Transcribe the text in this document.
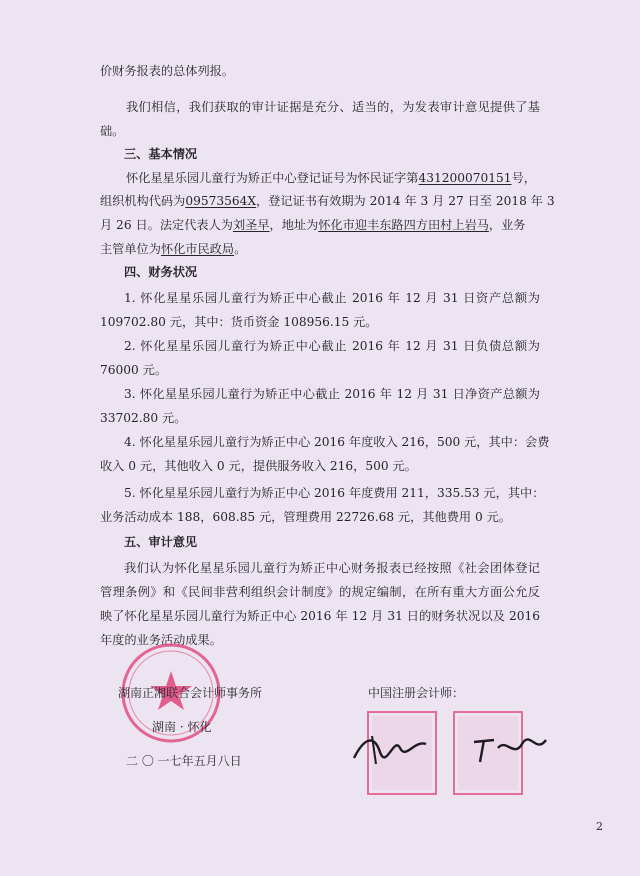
价财务报表的总体列报。
我们相信，我们获取的审计证据是充分、适当的，为发表审计意见提供了基
础。
三、基本情况
怀化星星乐园儿童行为矫正中心登记证号为怀民证字第431200070151号，
组织机构代码为09573564X，登记证书有效期为 2014 年 3 月 27 日至 2018 年 3
月 26 日。法定代表人为刘圣早，地址为怀化市迎丰东路四方田村上岩马，业务
主管单位为怀化市民政局。
四、财务状况
1. 怀化星星乐园儿童行为矫正中心截止 2016 年 12 月 31 日资产总额为
109702.80 元，其中：货币资金 108956.15 元。
2. 怀化星星乐园儿童行为矫正中心截止 2016 年 12 月 31 日负债总额为
76000 元。
3. 怀化星星乐园儿童行为矫正中心截止 2016 年 12 月 31 日净资产总额为
33702.80 元。
4. 怀化星星乐园儿童行为矫正中心 2016 年度收入 216，500 元，其中：会费
收入 0 元，其他收入 0 元，提供服务收入 216，500 元。
5. 怀化星星乐园儿童行为矫正中心 2016 年度费用 211，335.53 元，其中：
业务活动成本 188，608.85 元，管理费用 22726.68 元，其他费用 0 元。
五、审计意见
我们认为怀化星星乐园儿童行为矫正中心财务报表已经按照《社会团体登记
管理条例》和《民间非营利组织会计制度》的规定编制，在所有重大方面公允反
映了怀化星星乐园儿童行为矫正中心 2016 年 12 月 31 日的财务状况以及 2016
年度的业务活动成果。
湖南正湘联合会计师事务所
湖南 · 怀化
二 〇 一七年五月八日
中国注册会计师：
2
